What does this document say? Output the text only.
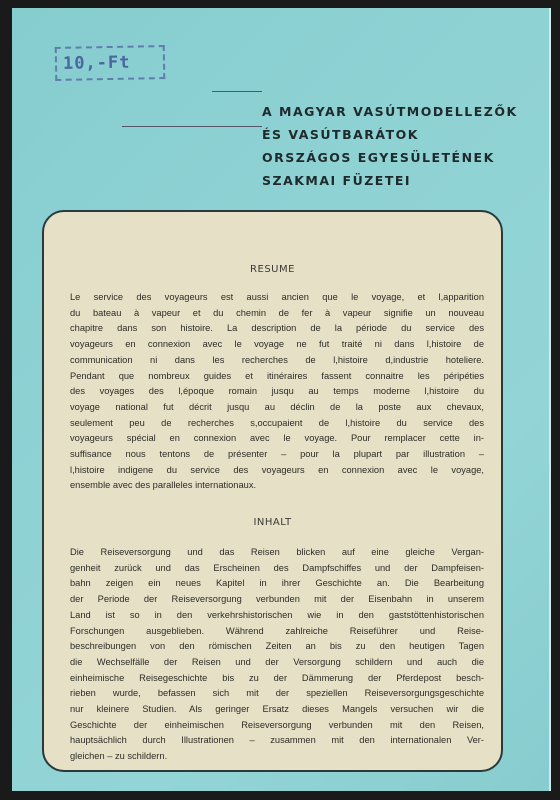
10,-Ft
A MAGYAR VASÚTMODELLEZŐK
ÉS VASÚTBARÁTOK
ORSZÁGOS EGYESÜLETÉNEK
SZAKMAI FÜZETEI
RESUME
Le service des voyageurs est aussi ancien que le voyage, et l,apparition
du bateau à vapeur et du chemin de fer à vapeur signifie un nouveau
chapitre dans son histoire. La description de la période du service des
voyageurs en connexion avec le voyage ne fut traité ni dans l,histoire de
communication ni dans les recherches de l,histoire d,industrie hoteliere.
Pendant que nombreux guides et itinéraires fassent connaitre les péripéties
des voyages des l,époque romain jusqu au temps moderne l,histoire du
voyage national fut décrit jusqu au déclin de la poste aux chevaux,
seulement peu de recherches s,occupaient de l,histoire du service des
voyageurs spécial en connexion avec le voyage. Pour remplacer cette in-
suffisance nous tentons de présenter – pour la plupart par illustration –
l,histoire indigene du service des voyageurs en connexion avec le voyage,
ensemble avec des paralleles internationaux.
INHALT
Die Reiseversorgung und das Reisen blicken auf eine gleiche Vergan-
genheit zurück und das Erscheinen des Dampfschiffes und der Dampfeisen-
bahn zeigen ein neues Kapitel in ihrer Geschichte an. Die Bearbeitung
der Periode der Reiseversorgung verbunden mit der Eisenbahn in unserem
Land ist so in den verkehrshistorischen wie in den gaststöttenhistorischen
Forschungen ausgeblieben. Während zahlreiche Reiseführer und Reise-
beschreibungen von den römischen Zeiten an bis zu den heutigen Tagen
die Wechselfälle der Reisen und der Versorgung schildern und auch die
einheimische Reisegeschichte bis zu der Dämmerung der Pferdepost besch-
rieben wurde, befassen sich mit der speziellen Reiseversorgungsgeschichte
nur kleinere Studien. Als geringer Ersatz dieses Mangels versuchen wir die
Geschichte der einheimischen Reiseversorgung verbunden mit den Reisen,
hauptsächlich durch Illustrationen – zusammen mit den internationalen Ver-
gleichen – zu schildern.
